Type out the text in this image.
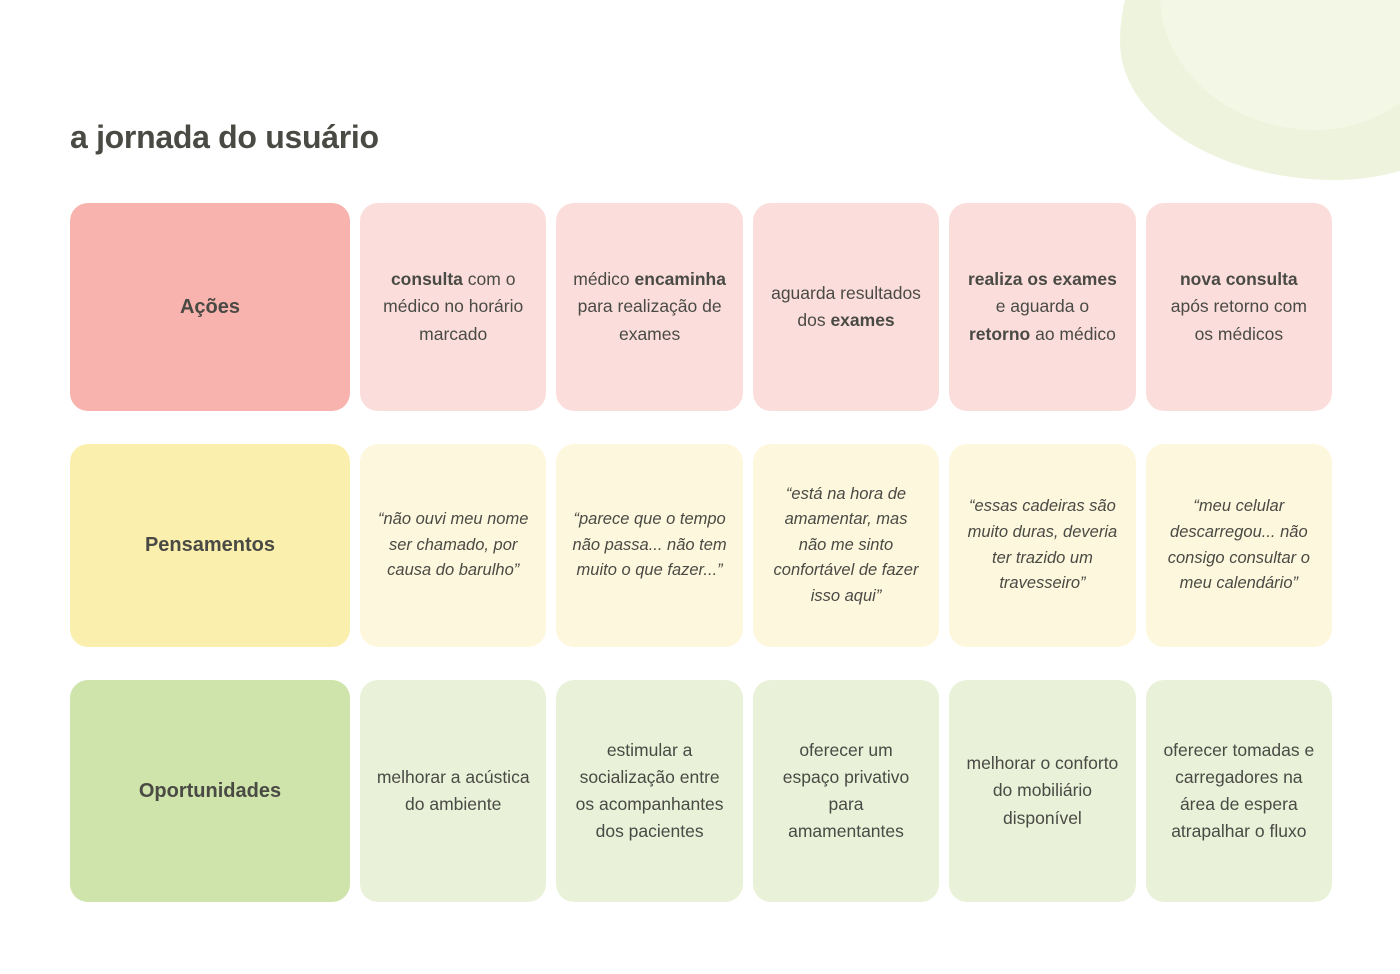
a jornada do usuário
Ações
consulta com o médico no horário marcado
médico encaminha para realização de exames
aguarda resultados dos exames
realiza os exames e aguarda o retorno ao médico
nova consulta após retorno com os médicos
Pensamentos
“não ouvi meu nome ser chamado, por causa do barulho”
“parece que o tempo não passa... não tem muito o que fazer...”
“está na hora de amamentar, mas não me sinto confortável de fazer isso aqui”
“essas cadeiras são muito duras, deveria ter trazido um travesseiro”
“meu celular descarregou... não consigo consultar o meu calendário”
Oportunidades
melhorar a acústica do ambiente
estimular a socialização entre os acompanhantes dos pacientes
oferecer um espaço privativo para amamentantes
melhorar o conforto do mobiliário disponível
oferecer tomadas e carregadores na área de espera atrapalhar o fluxo
